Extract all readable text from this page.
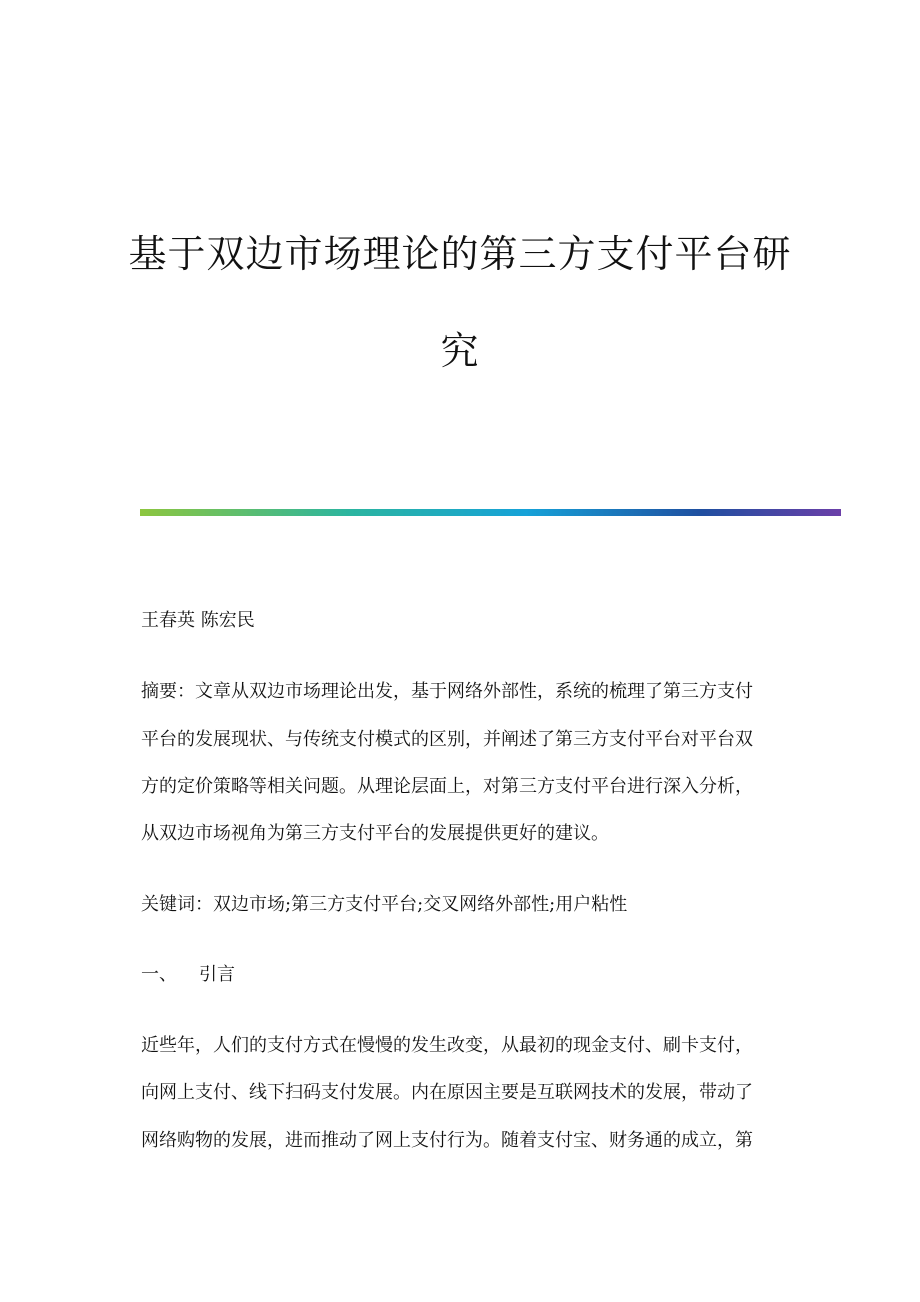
基于双边市场理论的第三方支付平台研
究

王春英 陈宏民

摘要：文章从双边市场理论出发，基于网络外部性，系统的梳理了第三方支付

平台的发展现状、与传统支付模式的区别，并阐述了第三方支付平台对平台双

方的定价策略等相关问题。从理论层面上，对第三方支付平台进行深入分析，

从双边市场视角为第三方支付平台的发展提供更好的建议。

关键词：双边市场;第三方支付平台;交叉网络外部性;用户粘性

一、 引言

近些年，人们的支付方式在慢慢的发生改变，从最初的现金支付、刷卡支付，

向网上支付、线下扫码支付发展。内在原因主要是互联网技术的发展，带动了

网络购物的发展，进而推动了网上支付行为。随着支付宝、财务通的成立，第
